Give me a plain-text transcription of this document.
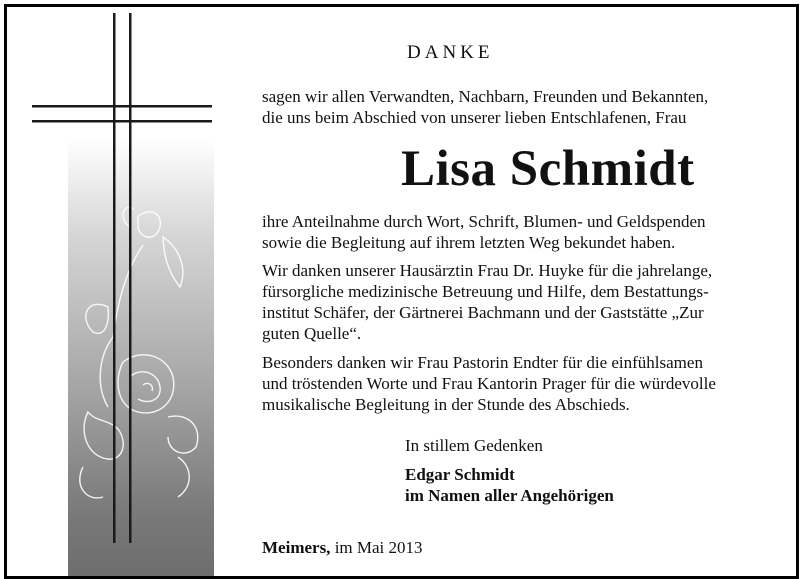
DANKE
sagen wir allen Verwandten, Nachbarn, Freunden und Bekannten,
die uns beim Abschied von unserer lieben Entschlafenen, Frau
Lisa Schmidt
ihre Anteilnahme durch Wort, Schrift, Blumen- und Geldspenden
sowie die Begleitung auf ihrem letzten Weg bekundet haben.
Wir danken unserer Hausärztin Frau Dr. Huyke für die jahrelange,
fürsorgliche medizinische Betreuung und Hilfe, dem Bestattungs-
institut Schäfer, der Gärtnerei Bachmann und der Gaststätte „Zur
guten Quelle“.
Besonders danken wir Frau Pastorin Endter für die einfühlsamen
und tröstenden Worte und Frau Kantorin Prager für die würdevolle
musikalische Begleitung in der Stunde des Abschieds.
In stillem Gedenken
Edgar Schmidt
im Namen aller Angehörigen
Meimers, im Mai 2013
